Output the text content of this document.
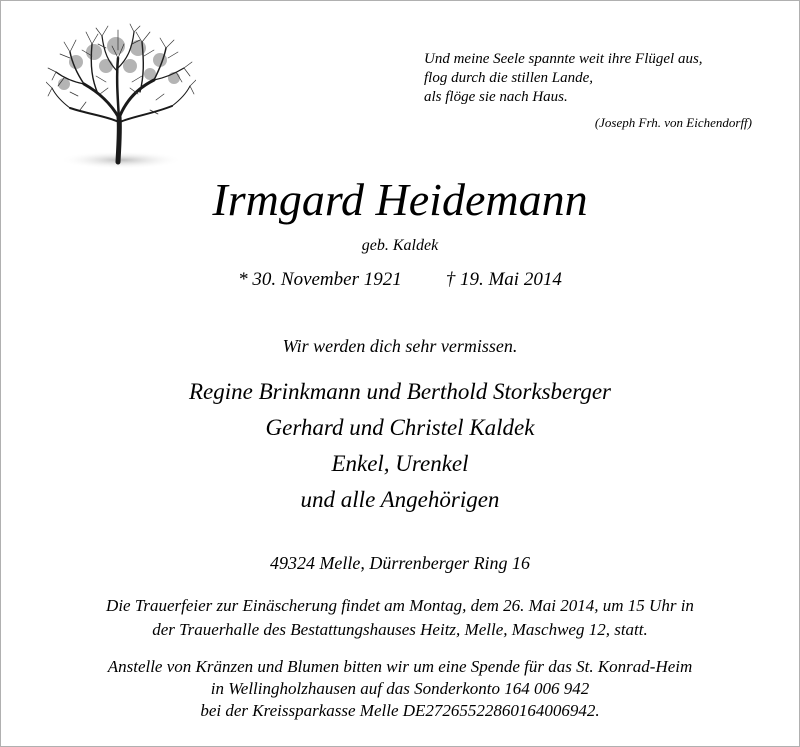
Und meine Seele spannte weit ihre Flügel aus,
flog durch die stillen Lande,
als flöge sie nach Haus.
(Joseph Frh. von Eichendorff)
Irmgard Heidemann
geb. Kaldek
* 30. November 1921 † 19. Mai 2014
Wir werden dich sehr vermissen.
Regine Brinkmann und Berthold Storksberger
Gerhard und Christel Kaldek
Enkel, Urenkel
und alle Angehörigen
49324 Melle, Dürrenberger Ring 16
Die Trauerfeier zur Einäscherung findet am Montag, dem 26. Mai 2014, um 15 Uhr in
der Trauerhalle des Bestattungshauses Heitz, Melle, Maschweg 12, statt.
Anstelle von Kränzen und Blumen bitten wir um eine Spende für das St. Konrad-Heim
in Wellingholzhausen auf das Sonderkonto 164 006 942
bei der Kreissparkasse Melle DE27265522860164006942.
